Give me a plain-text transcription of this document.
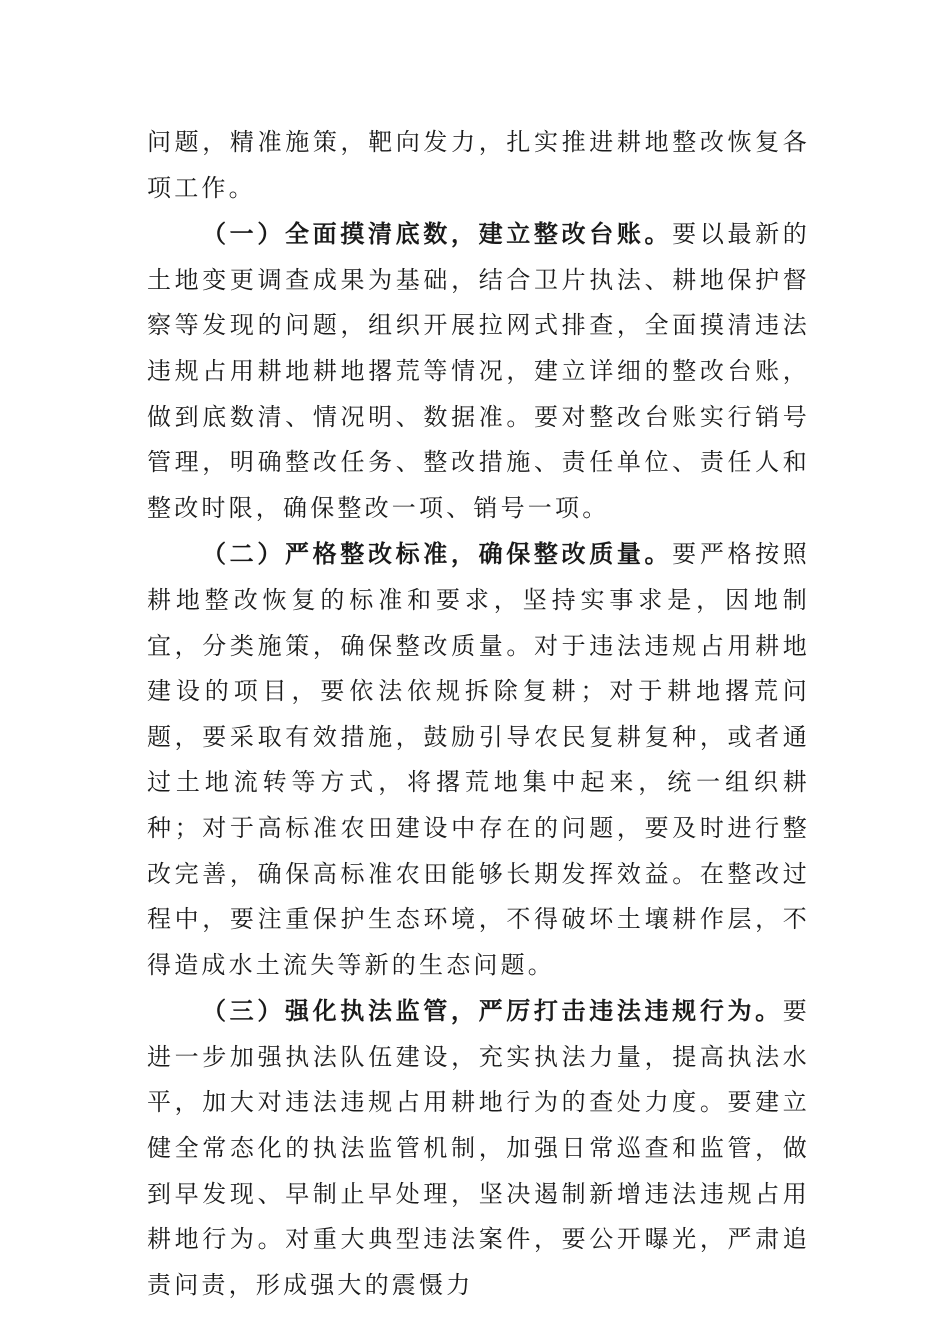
问题，精准施策，靶向发力，扎实推进耕地整改恢复各项工作。

（一）全面摸清底数，建立整改台账。要以最新的土地变更调查成果为基础，结合卫片执法、耕地保护督察等发现的问题，组织开展拉网式排查，全面摸清违法违规占用耕地耕地撂荒等情况，建立详细的整改台账，做到底数清、情况明、数据准。要对整改台账实行销号管理，明确整改任务、整改措施、责任单位、责任人和整改时限，确保整改一项、销号一项。

（二）严格整改标准，确保整改质量。要严格按照耕地整改恢复的标准和要求，坚持实事求是，因地制宜，分类施策，确保整改质量。对于违法违规占用耕地建设的项目，要依法依规拆除复耕；对于耕地撂荒问题，要采取有效措施，鼓励引导农民复耕复种，或者通过土地流转等方式，将撂荒地集中起来，统一组织耕种；对于高标准农田建设中存在的问题，要及时进行整改完善，确保高标准农田能够长期发挥效益。在整改过程中，要注重保护生态环境，不得破坏土壤耕作层，不得造成水土流失等新的生态问题。

（三）强化执法监管，严厉打击违法违规行为。要进一步加强执法队伍建设，充实执法力量，提高执法水平，加大对违法违规占用耕地行为的查处力度。要建立健全常态化的执法监管机制，加强日常巡查和监管，做到早发现、早制止早处理，坚决遏制新增违法违规占用耕地行为。对重大典型违法案件，要公开曝光，严肃追责问责，形成强大的震慑力
